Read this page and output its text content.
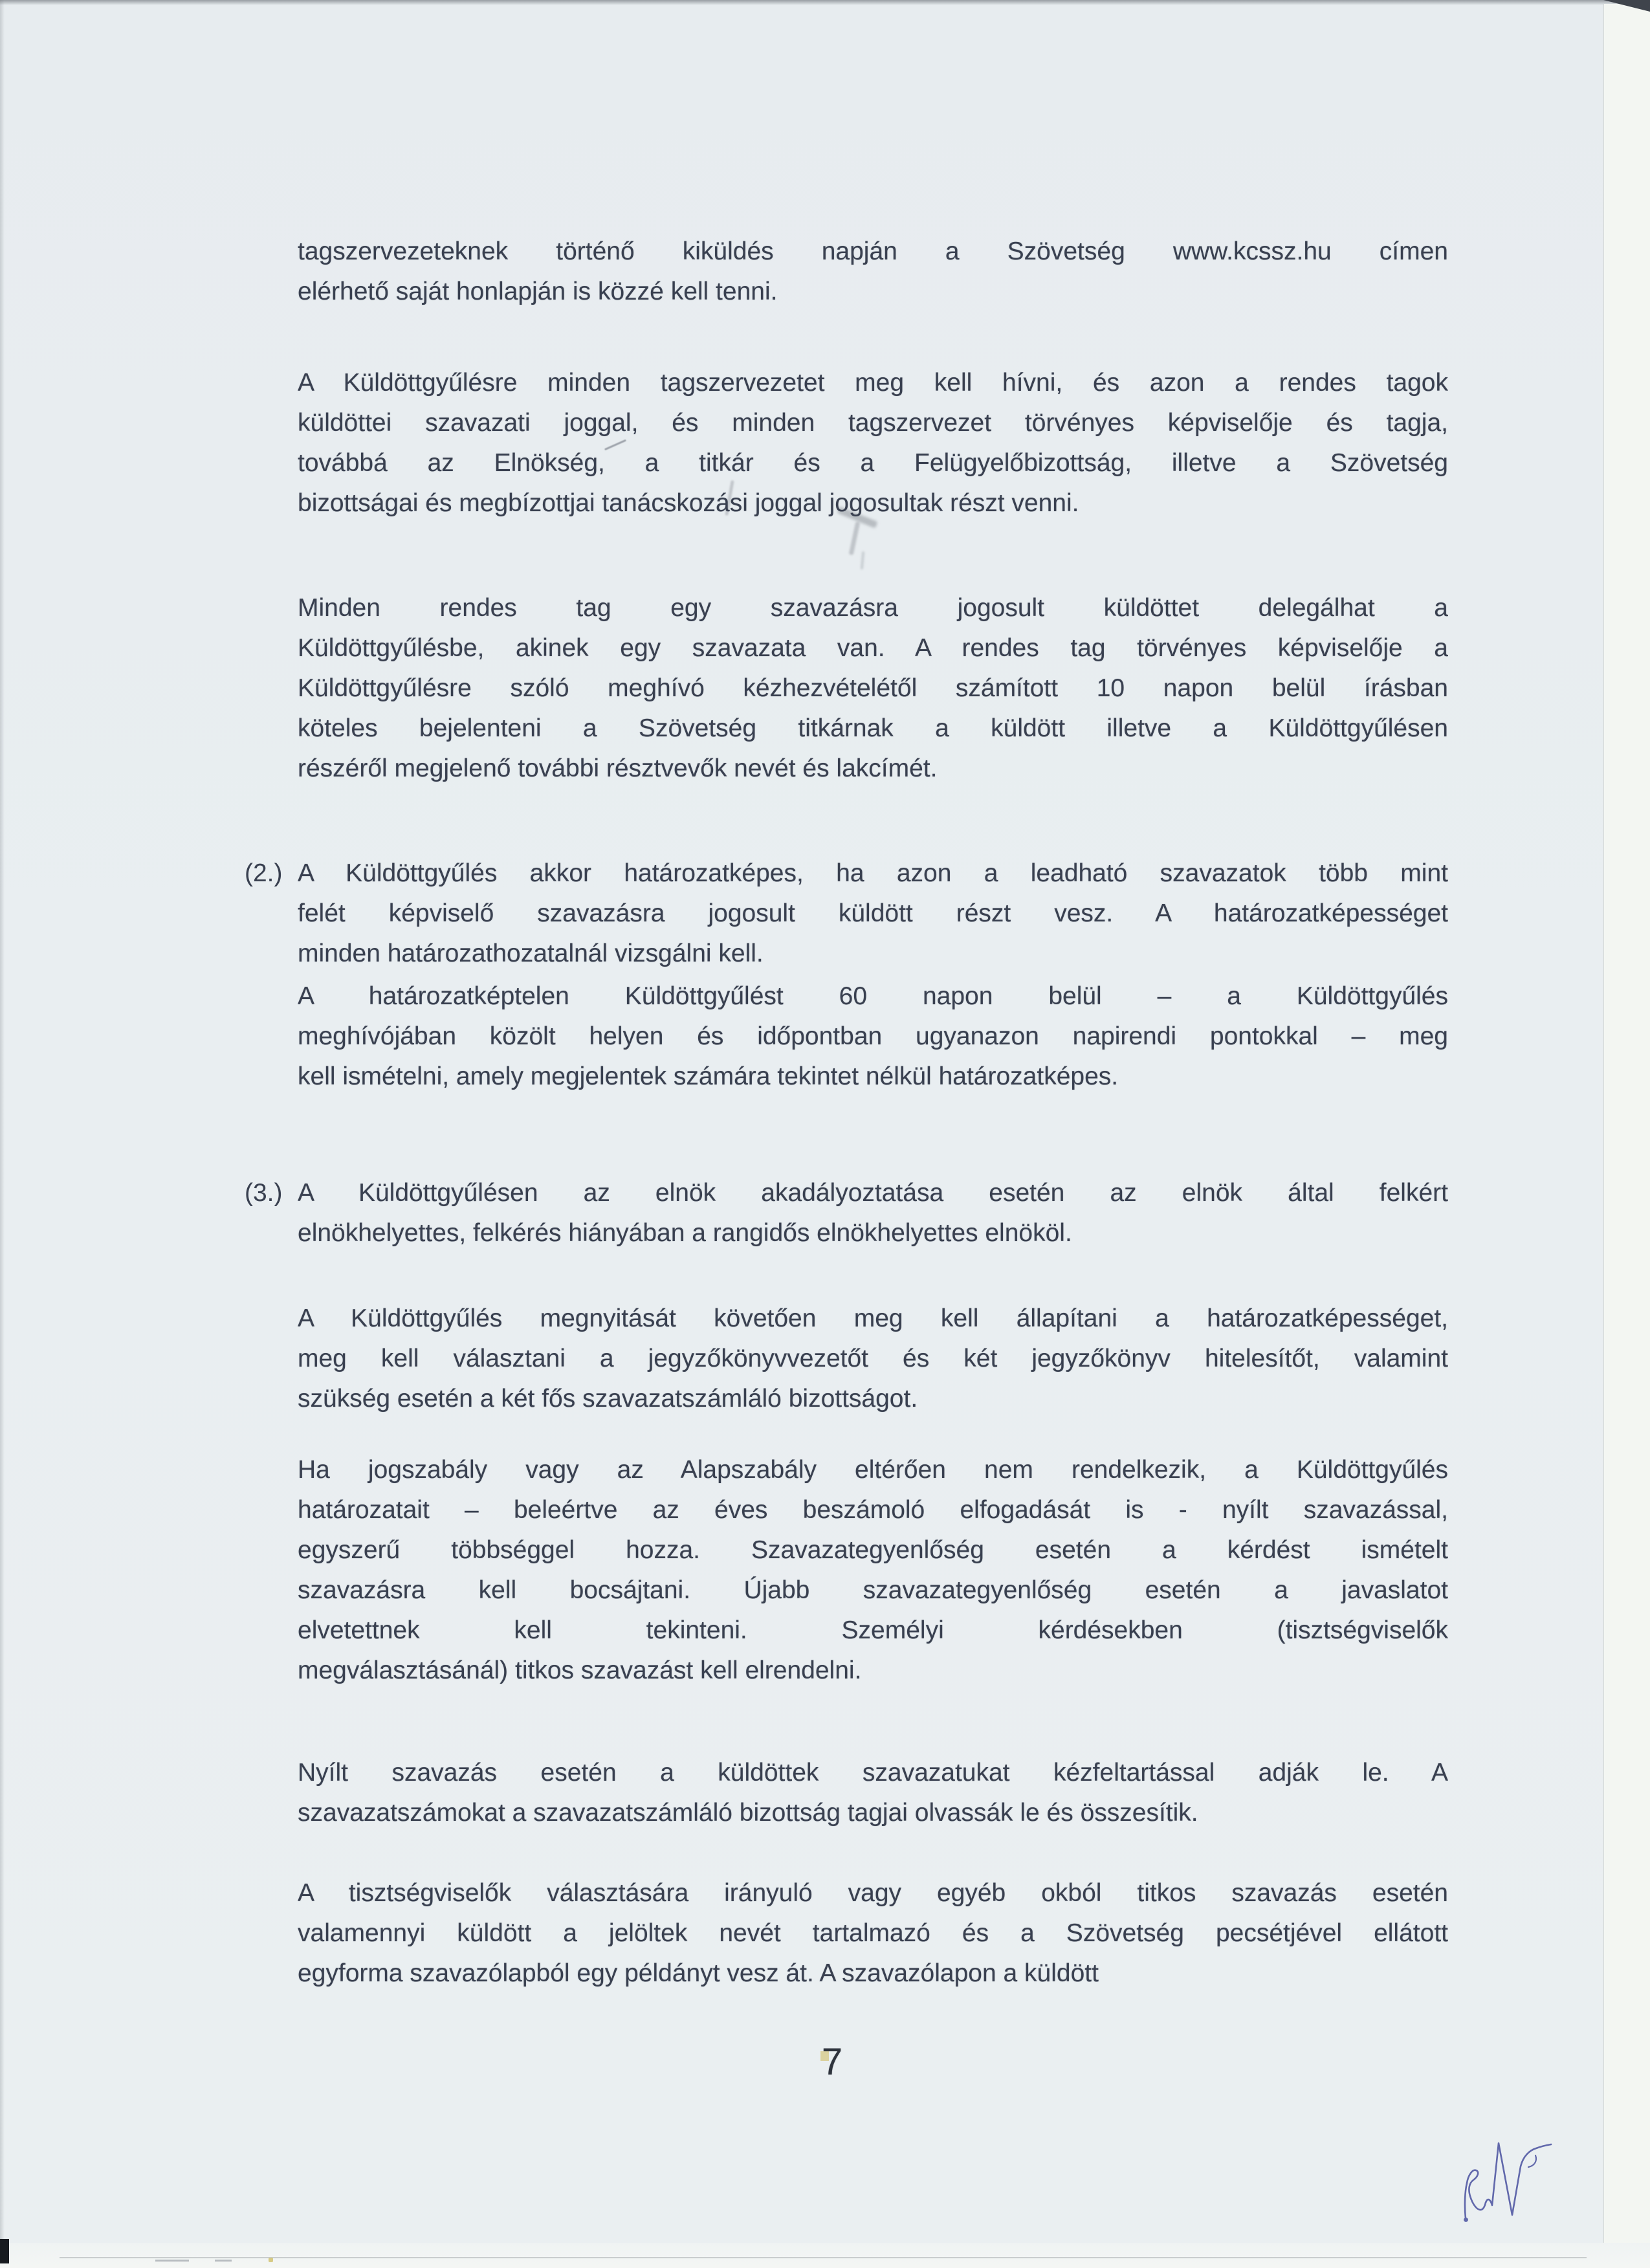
tagszervezeteknek történő kiküldés napján a Szövetség www.kcssz.hu címen
elérhető saját honlapján is közzé kell tenni.
A Küldöttgyűlésre minden tagszervezetet meg kell hívni, és azon a rendes tagok
küldöttei szavazati joggal, és minden tagszervezet törvényes képviselője és tagja,
továbbá az Elnökség, a titkár és a Felügyelőbizottság, illetve a Szövetség
bizottságai és megbízottjai tanácskozási joggal jogosultak részt venni.
Minden rendes tag egy szavazásra jogosult küldöttet delegálhat a
Küldöttgyűlésbe, akinek egy szavazata van. A rendes tag törvényes képviselője a
Küldöttgyűlésre szóló meghívó kézhezvételétől számított 10 napon belül írásban
köteles bejelenteni a Szövetség titkárnak a küldött illetve a Küldöttgyűlésen
részéről megjelenő további résztvevők nevét és lakcímét.
(2.) A Küldöttgyűlés akkor határozatképes, ha azon a leadható szavazatok több mint
felét képviselő szavazásra jogosult küldött részt vesz. A határozatképességet
minden határozathozatalnál vizsgálni kell.
A határozatképtelen Küldöttgyűlést 60 napon belül – a Küldöttgyűlés
meghívójában közölt helyen és időpontban ugyanazon napirendi pontokkal – meg
kell ismételni, amely megjelentek számára tekintet nélkül határozatképes.
(3.) A Küldöttgyűlésen az elnök akadályoztatása esetén az elnök által felkért
elnökhelyettes, felkérés hiányában a rangidős elnökhelyettes elnököl.
A Küldöttgyűlés megnyitását követően meg kell állapítani a határozatképességet,
meg kell választani a jegyzőkönyvvezetőt és két jegyzőkönyv hitelesítőt, valamint
szükség esetén a két fős szavazatszámláló bizottságot.
Ha jogszabály vagy az Alapszabály eltérően nem rendelkezik, a Küldöttgyűlés
határozatait – beleértve az éves beszámoló elfogadását is - nyílt szavazással,
egyszerű többséggel hozza. Szavazategyenlőség esetén a kérdést ismételt
szavazásra kell bocsájtani. Újabb szavazategyenlőség esetén a javaslatot
elvetettnek kell tekinteni. Személyi kérdésekben (tisztségviselők
megválasztásánál) titkos szavazást kell elrendelni.
Nyílt szavazás esetén a küldöttek szavazatukat kézfeltartással adják le. A
szavazatszámokat a szavazatszámláló bizottság tagjai olvassák le és összesítik.
A tisztségviselők választására irányuló vagy egyéb okból titkos szavazás esetén
valamennyi küldött a jelöltek nevét tartalmazó és a Szövetség pecsétjével ellátott
egyforma szavazólapból egy példányt vesz át. A szavazólapon a küldött
7
